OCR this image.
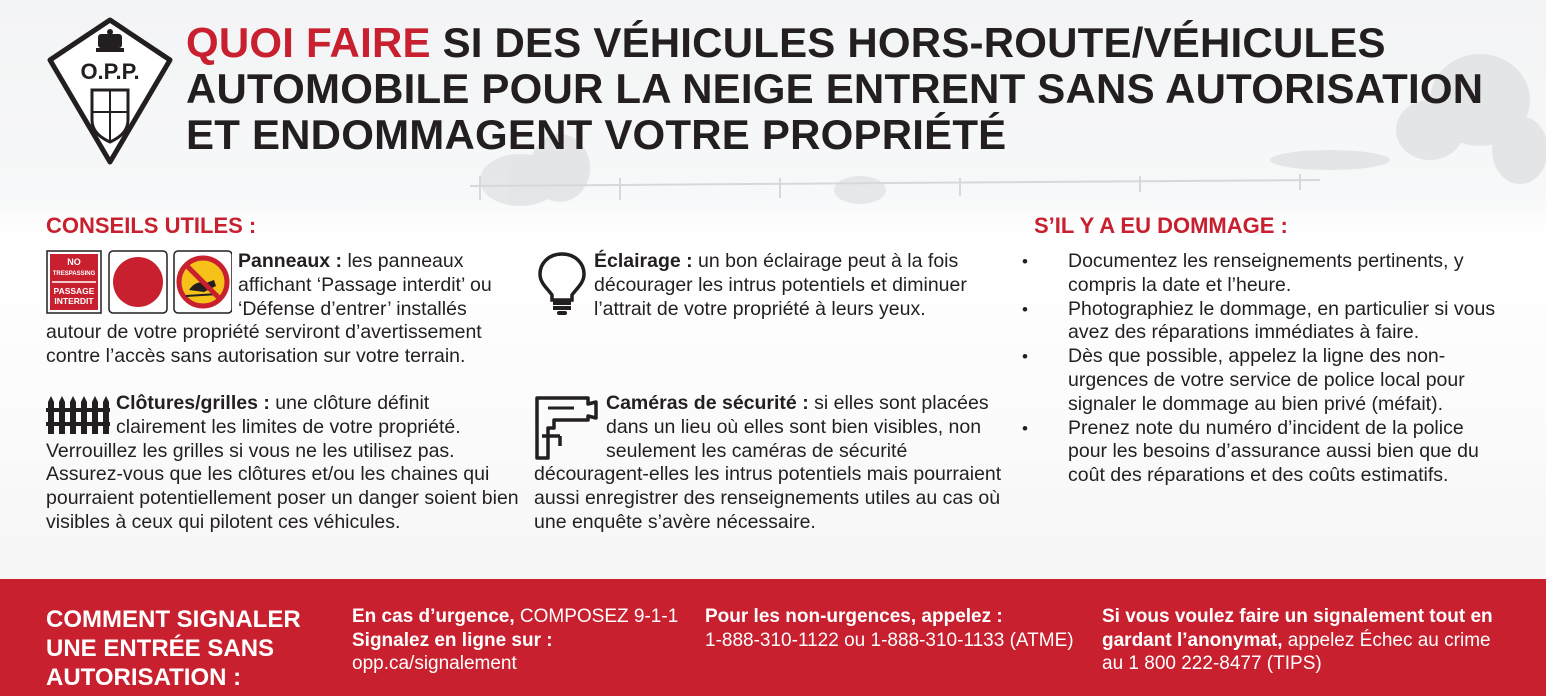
O.P.P.
QUOI FAIRE SI DES VÉHICULES HORS-ROUTE/VÉHICULES AUTOMOBILE POUR LA NEIGE ENTRENT SANS AUTORISATION ET ENDOMMAGENT VOTRE PROPRIÉTÉ
CONSEILS UTILES :

NO
TRESPASSING
PASSAGE
INTERDIT
Panneaux : les panneaux affichant ‘Passage interdit’ ou ‘Défense d’entrer’ installés autour de votre propriété serviront d’avertissement contre l’accès sans autorisation sur votre terrain.

Éclairage : un bon éclairage peut à la fois décourager les intrus potentiels et diminuer l’attrait de votre propriété à leurs yeux.

Clôtures/grilles : une clôture définit clairement les limites de votre propriété. Verrouillez les grilles si vous ne les utilisez pas. Assurez-vous que les clôtures et/ou les chaines qui pourraient potentiellement poser un danger soient bien visibles à ceux qui pilotent ces véhicules.

Caméras de sécurité : si elles sont placées dans un lieu où elles sont bien visibles, non seulement les caméras de sécurité découragent-elles les intrus potentiels mais pourraient aussi enregistrer des renseignements utiles au cas où une enquête s’avère nécessaire.

S’IL Y A EU DOMMAGE :
• Documentez les renseignements pertinents, y compris la date et l’heure.
• Photographiez le dommage, en particulier si vous avez des réparations immédiates à faire.
• Dès que possible, appelez la ligne des non-urgences de votre service de police local pour signaler le dommage au bien privé (méfait).
• Prenez note du numéro d’incident de la police pour les besoins d’assurance aussi bien que du coût des réparations et des coûts estimatifs.
COMMENT SIGNALER UNE ENTRÉE SANS AUTORISATION :

En cas d’urgence, COMPOSEZ 9-1-1
Signalez en ligne sur :
opp.ca/signalement

Pour les non-urgences, appelez :
1-888-310-1122 ou 1-888-310-1133 (ATME)

Si vous voulez faire un signalement tout en gardant l’anonymat, appelez Échec au crime au 1 800 222-8477 (TIPS)
